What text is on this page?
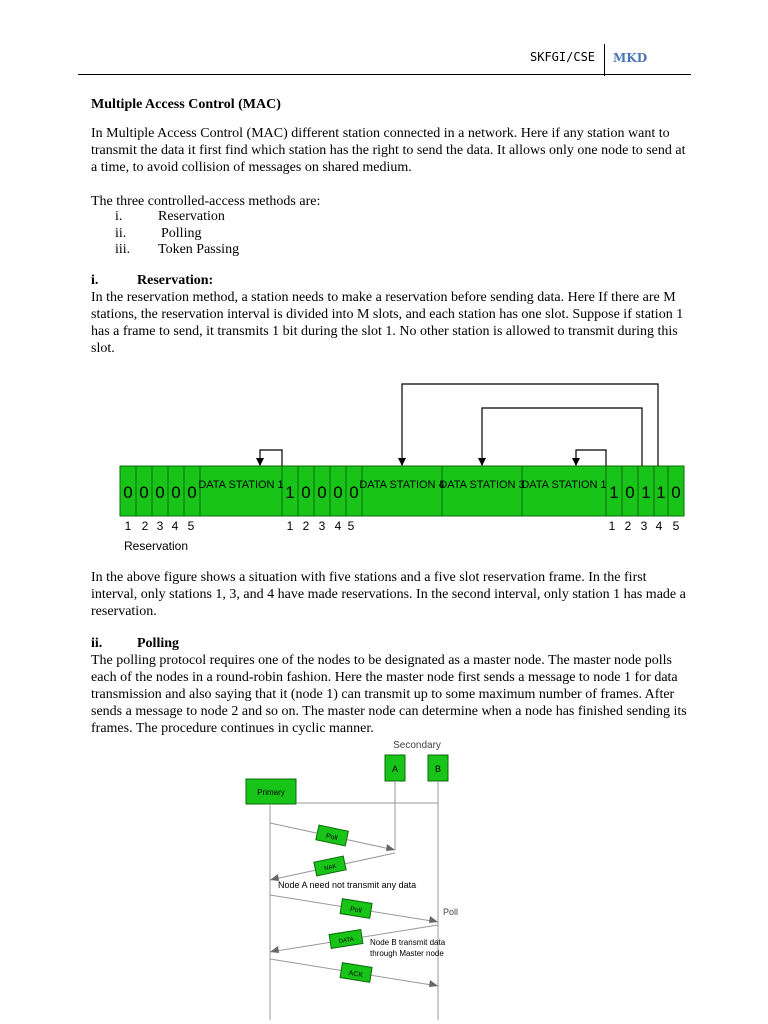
SKFGI/CSE MKD
Multiple Access Control (MAC)
In Multiple Access Control (MAC) different station connected in a network. Here if any station want to transmit the data it first find which station has the right to send the data. It allows only one node to send at a time, to avoid collision of messages on shared medium.
The three controlled-access methods are:
i.	Reservation
ii. Polling
iii. Token Passing
i.	Reservation:
In the reservation method, a station needs to make a reservation before sending data. Here If there are M stations, the reservation interval is divided into M slots, and each station has one slot. Suppose if station 1 has a frame to send, it transmits 1 bit during the slot 1. No other station is allowed to transmit during this slot.
0 0 0 0 0	1 0 0 0 0	1 0 1 1 0
DATA STATION 1	DATA STATION 4
DATA STATION 3
DATA STATION 1
1 2 3 4 5	1 2 3 4 5	1 2 3 4 5
Reservation
In the above figure shows a situation with five stations and a five slot reservation frame. In the first interval, only stations 1, 3, and 4 have made reservations. In the second interval, only station 1 has made a reservation.
ii. Polling
The polling protocol requires one of the nodes to be designated as a master node. The master node polls each of the nodes in a round-robin fashion. Here the master node first sends a message to node 1 for data transmission and also saying that it (node 1) can transmit up to some maximum number of frames. After sends a message to node 2 and so on. The master node can determine when a node has finished sending its frames. The procedure continues in cyclic manner.
Secondary
A	B
Primary
Poll
NAK
Node A need not transmit any data
Poll	Poll
DATA Node B transmit data
through Master node
ACK
